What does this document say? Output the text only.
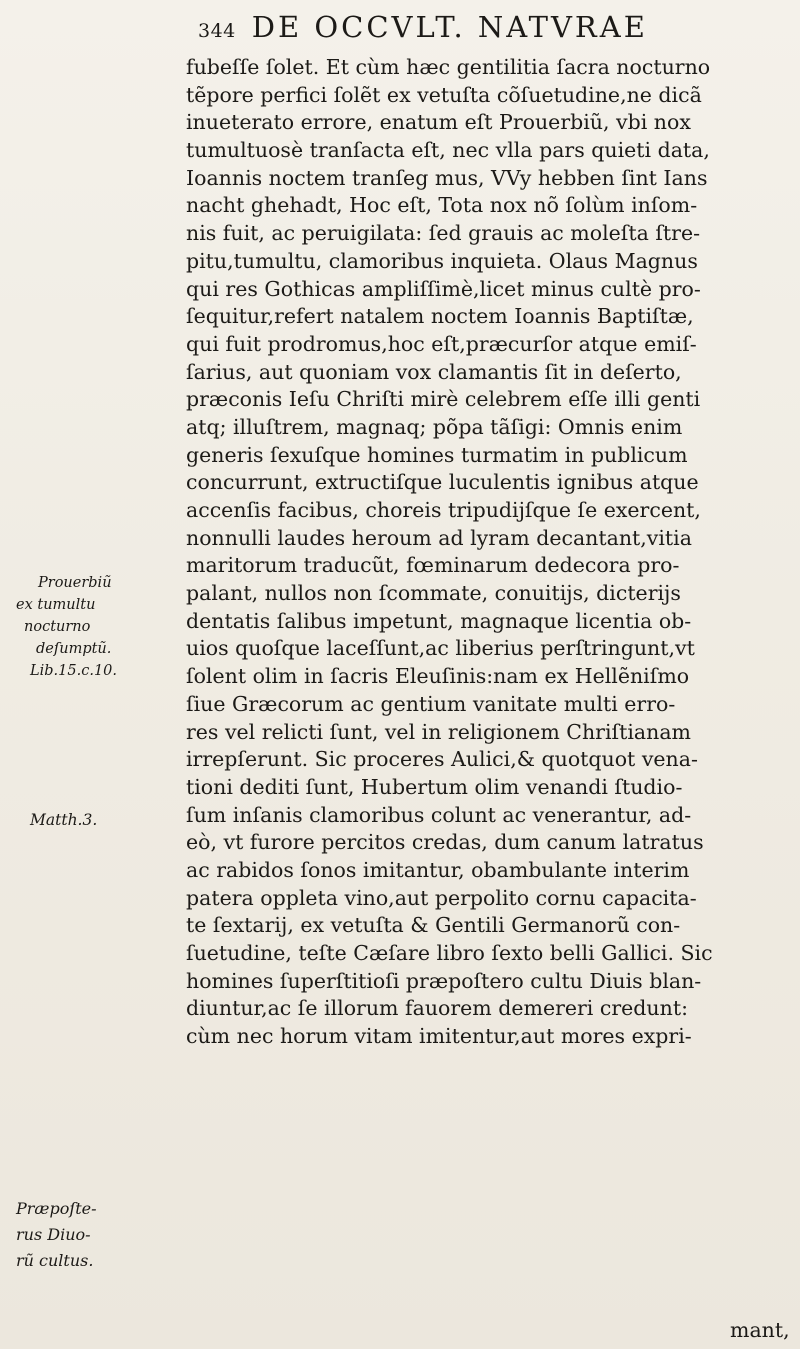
344 DE OCCVLT. NATVRAE
Prouerbiũ
ex tumultu
nocturno
deſumptũ.
Lib.15.c.10.
Matth.3.
Præpoſte-
rus Diuo-
rũ cultus.
fubeſſe ſolet. Et cùm hæc gentilitia ſacra nocturno
tẽpore perfici ſolẽt ex vetuſta cõſuetudine,ne dicã
inueterato errore, enatum eſt Prouerbiũ, vbi nox
tumultuosè tranſacta eſt, nec vlla pars quieti data,
Ioannis noctem tranſeg mus, VVy hebben ſint Ians
nacht ghehadt, Hoc eſt, Tota nox nõ ſolùm inſom-
nis fuit, ac peruigilata: ſed grauis ac moleſta ſtre-
pitu,tumultu, clamoribus inquieta. Olaus Magnus
qui res Gothicas ampliſſimè,licet minus cultè pro-
ſequitur,refert natalem noctem Ioannis Baptiſtæ,
qui fuit prodromus,hoc eſt,præcurſor atque emiſ-
ſarius, aut quoniam vox clamantis ſit in deſerto,
præconis Ieſu Chriſti mirè celebrem eſſe illi genti
atq; illuſtrem, magnaq; põpa tãſigi: Omnis enim
generis ſexuſque homines turmatim in publicum
concurrunt, extructiſque luculentis ignibus atque
accenſis facibus, choreis tripudijſque ſe exercent,
nonnulli laudes heroum ad lyram decantant,vitia
maritorum traducũt, fœminarum dedecora pro-
palant, nullos non ſcommate, conuitijs, dicterijs
dentatis ſalibus impetunt, magnaque licentia ob-
uios quoſque laceſſunt,ac liberius perſtringunt,vt
ſolent olim in ſacris Eleuſinis:nam ex Hellẽniſmo
ſiue Græcorum ac gentium vanitate multi erro-
res vel relicti ſunt, vel in religionem Chriſtianam
irrepſerunt. Sic proceres Aulici,& quotquot vena-
tioni dediti ſunt, Hubertum olim venandi ſtudio-
ſum inſanis clamoribus colunt ac venerantur, ad-
eò, vt furore percitos credas, dum canum latratus
ac rabidos ſonos imitantur, obambulante interim
patera oppleta vino,aut perpolito cornu capacita-
te ſextarij, ex vetuſta & Gentili Germanorũ con-
ſuetudine, teſte Cæſare libro ſexto belli Gallici. Sic
homines ſuperſtitioſi præpoſtero cultu Diuis blan-
diuntur,ac ſe illorum fauorem demereri credunt:
cùm nec horum vitam imitentur,aut mores expri-
mant,
